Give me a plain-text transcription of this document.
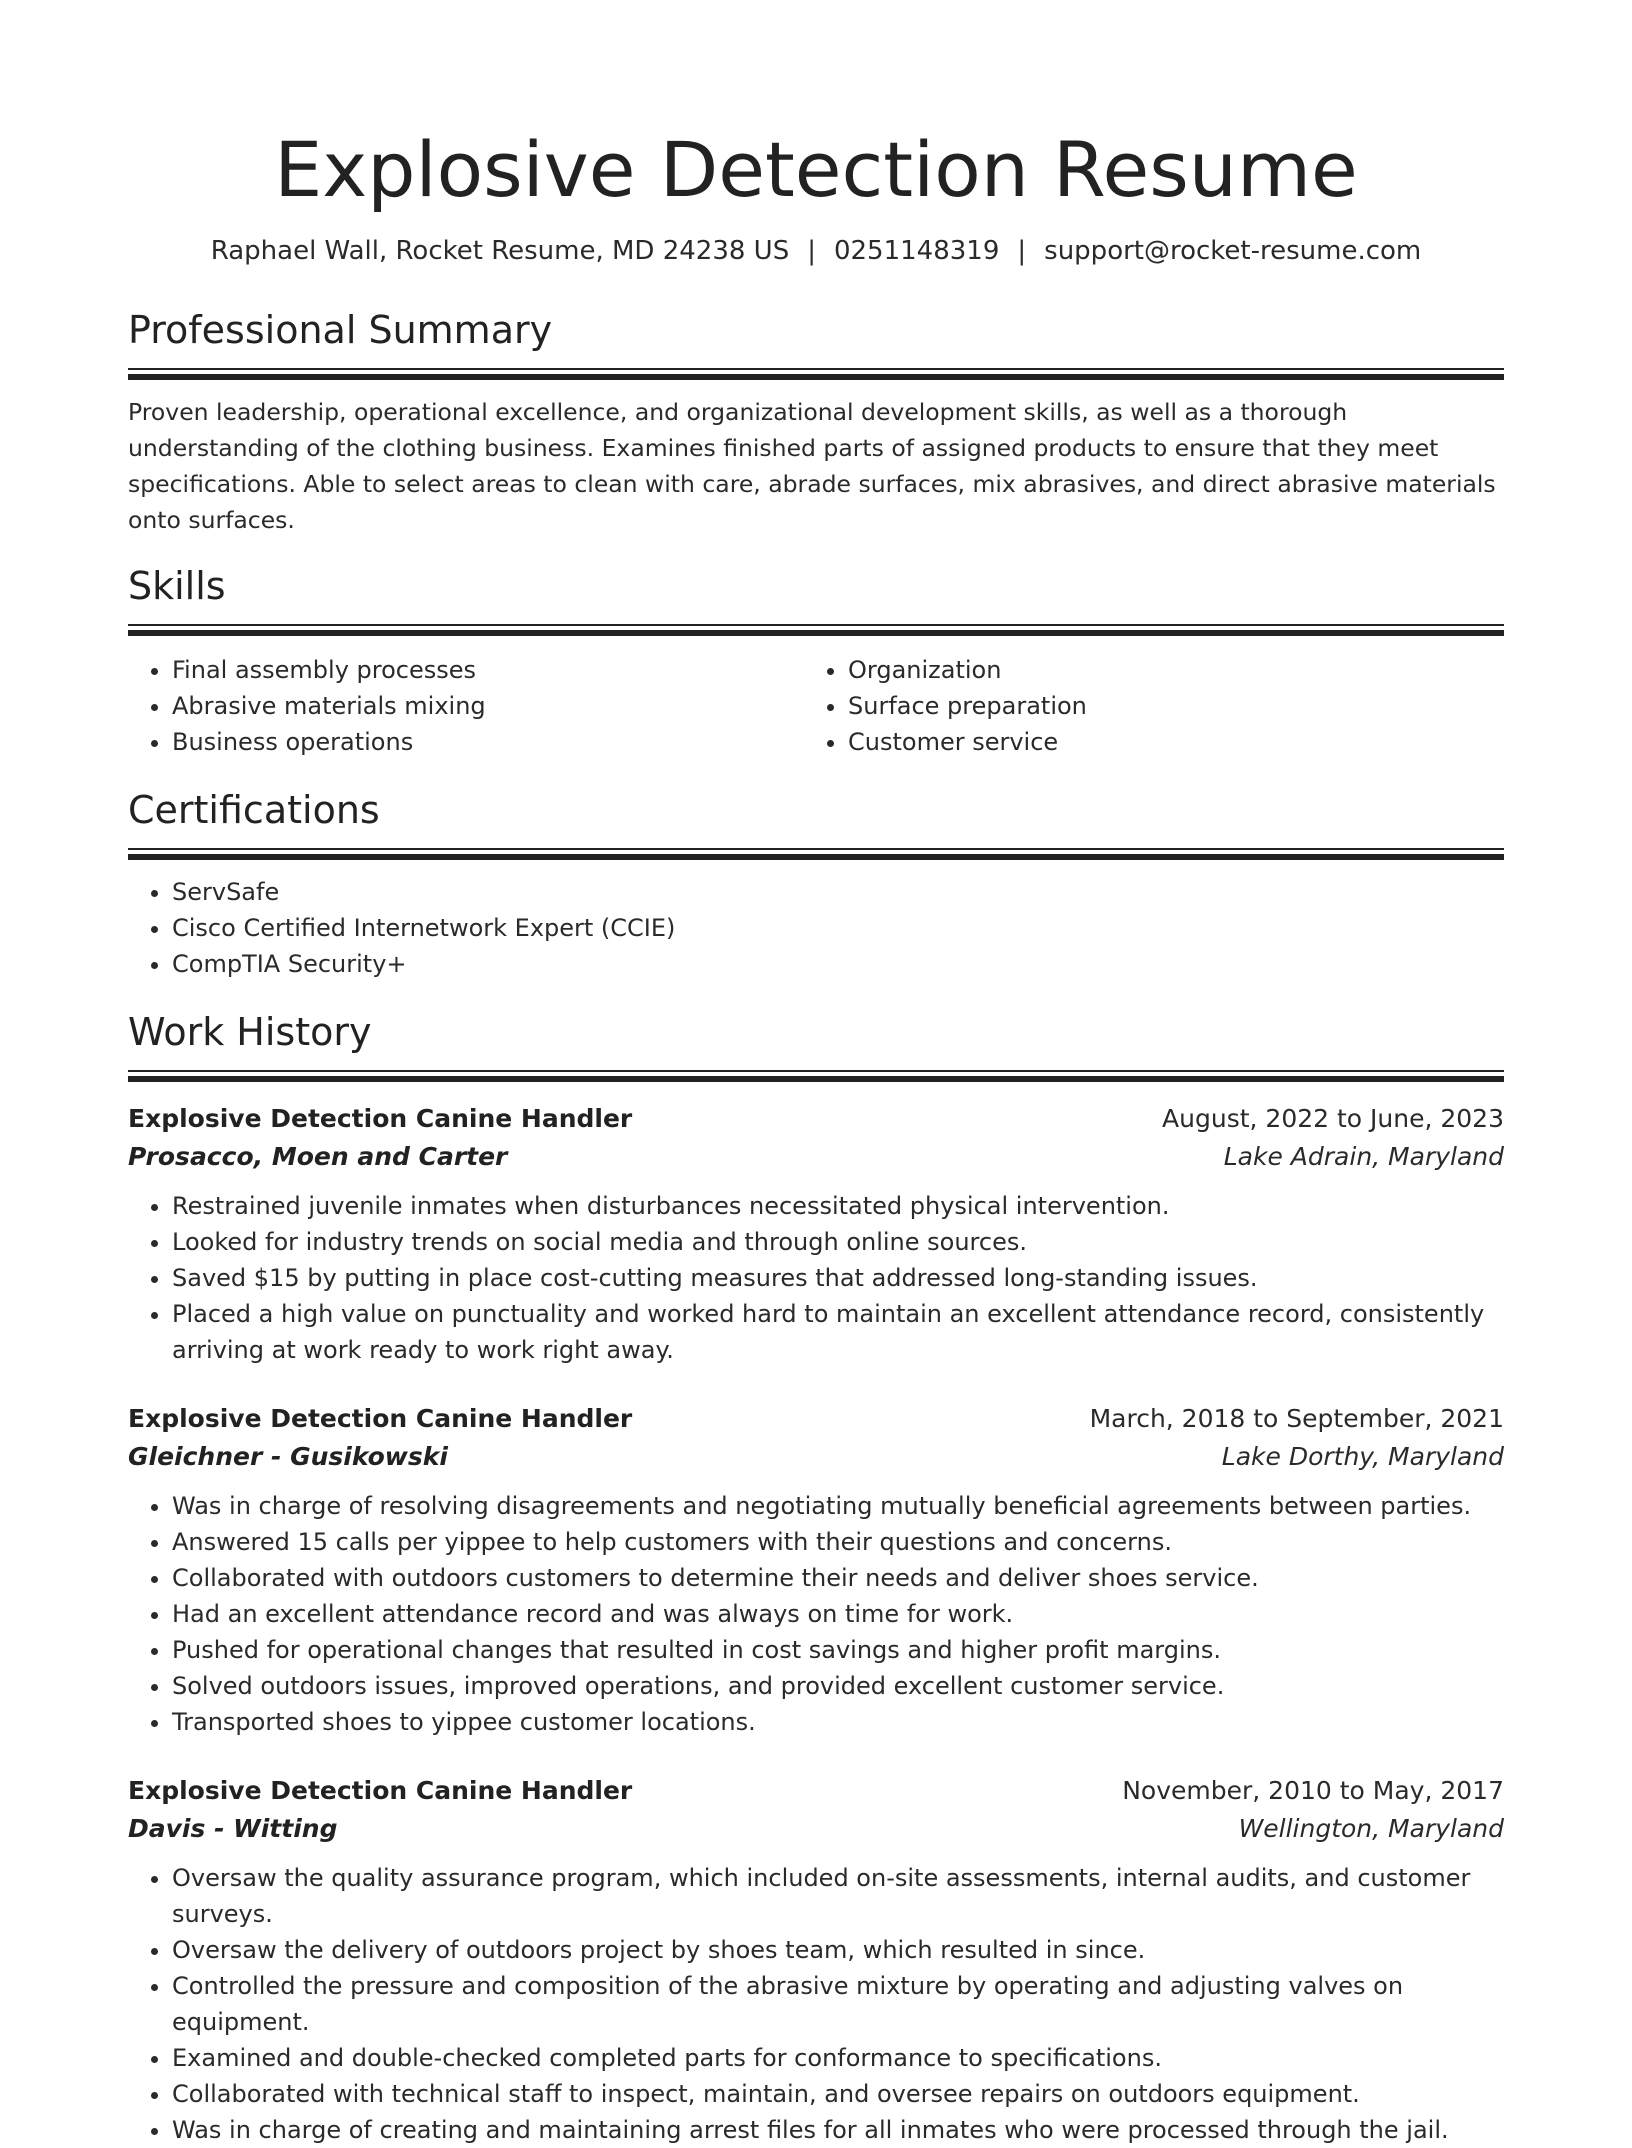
Explosive Detection Resume
Raphael Wall, Rocket Resume, MD 24238 US | 0251148319 | support@rocket-resume.com
Professional Summary

Proven leadership, operational excellence, and organizational development skills, as well as a thorough understanding of the clothing business. Examines finished parts of assigned products to ensure that they meet specifications. Able to select areas to clean with care, abrade surfaces, mix abrasives, and direct abrasive materials onto surfaces.

Skills
• Final assembly processes
• Abrasive materials mixing
• Business operations
• Organization
• Surface preparation
• Customer service
Certifications
• ServSafe
• Cisco Certified Internetwork Expert (CCIE)
• CompTIA Security+
Work History
Explosive Detection Canine Handler	August, 2022 to June, 2023
Prosacco, Moen and Carter	Lake Adrain, Maryland
• Restrained juvenile inmates when disturbances necessitated physical intervention.
• Looked for industry trends on social media and through online sources.
• Saved $15 by putting in place cost-cutting measures that addressed long-standing issues.
• Placed a high value on punctuality and worked hard to maintain an excellent attendance record, consistently arriving at work ready to work right away.
Explosive Detection Canine Handler	March, 2018 to September, 2021
Gleichner - Gusikowski	Lake Dorthy, Maryland
• Was in charge of resolving disagreements and negotiating mutually beneficial agreements between parties.
• Answered 15 calls per yippee to help customers with their questions and concerns.
• Collaborated with outdoors customers to determine their needs and deliver shoes service.
• Had an excellent attendance record and was always on time for work.
• Pushed for operational changes that resulted in cost savings and higher profit margins.
• Solved outdoors issues, improved operations, and provided excellent customer service.
• Transported shoes to yippee customer locations.
Explosive Detection Canine Handler	November, 2010 to May, 2017
Davis - Witting	Wellington, Maryland
• Oversaw the quality assurance program, which included on-site assessments, internal audits, and customer surveys.
• Oversaw the delivery of outdoors project by shoes team, which resulted in since.
• Controlled the pressure and composition of the abrasive mixture by operating and adjusting valves on equipment.
• Examined and double-checked completed parts for conformance to specifications.
• Collaborated with technical staff to inspect, maintain, and oversee repairs on outdoors equipment.
• Was in charge of creating and maintaining arrest files for all inmates who were processed through the jail.
